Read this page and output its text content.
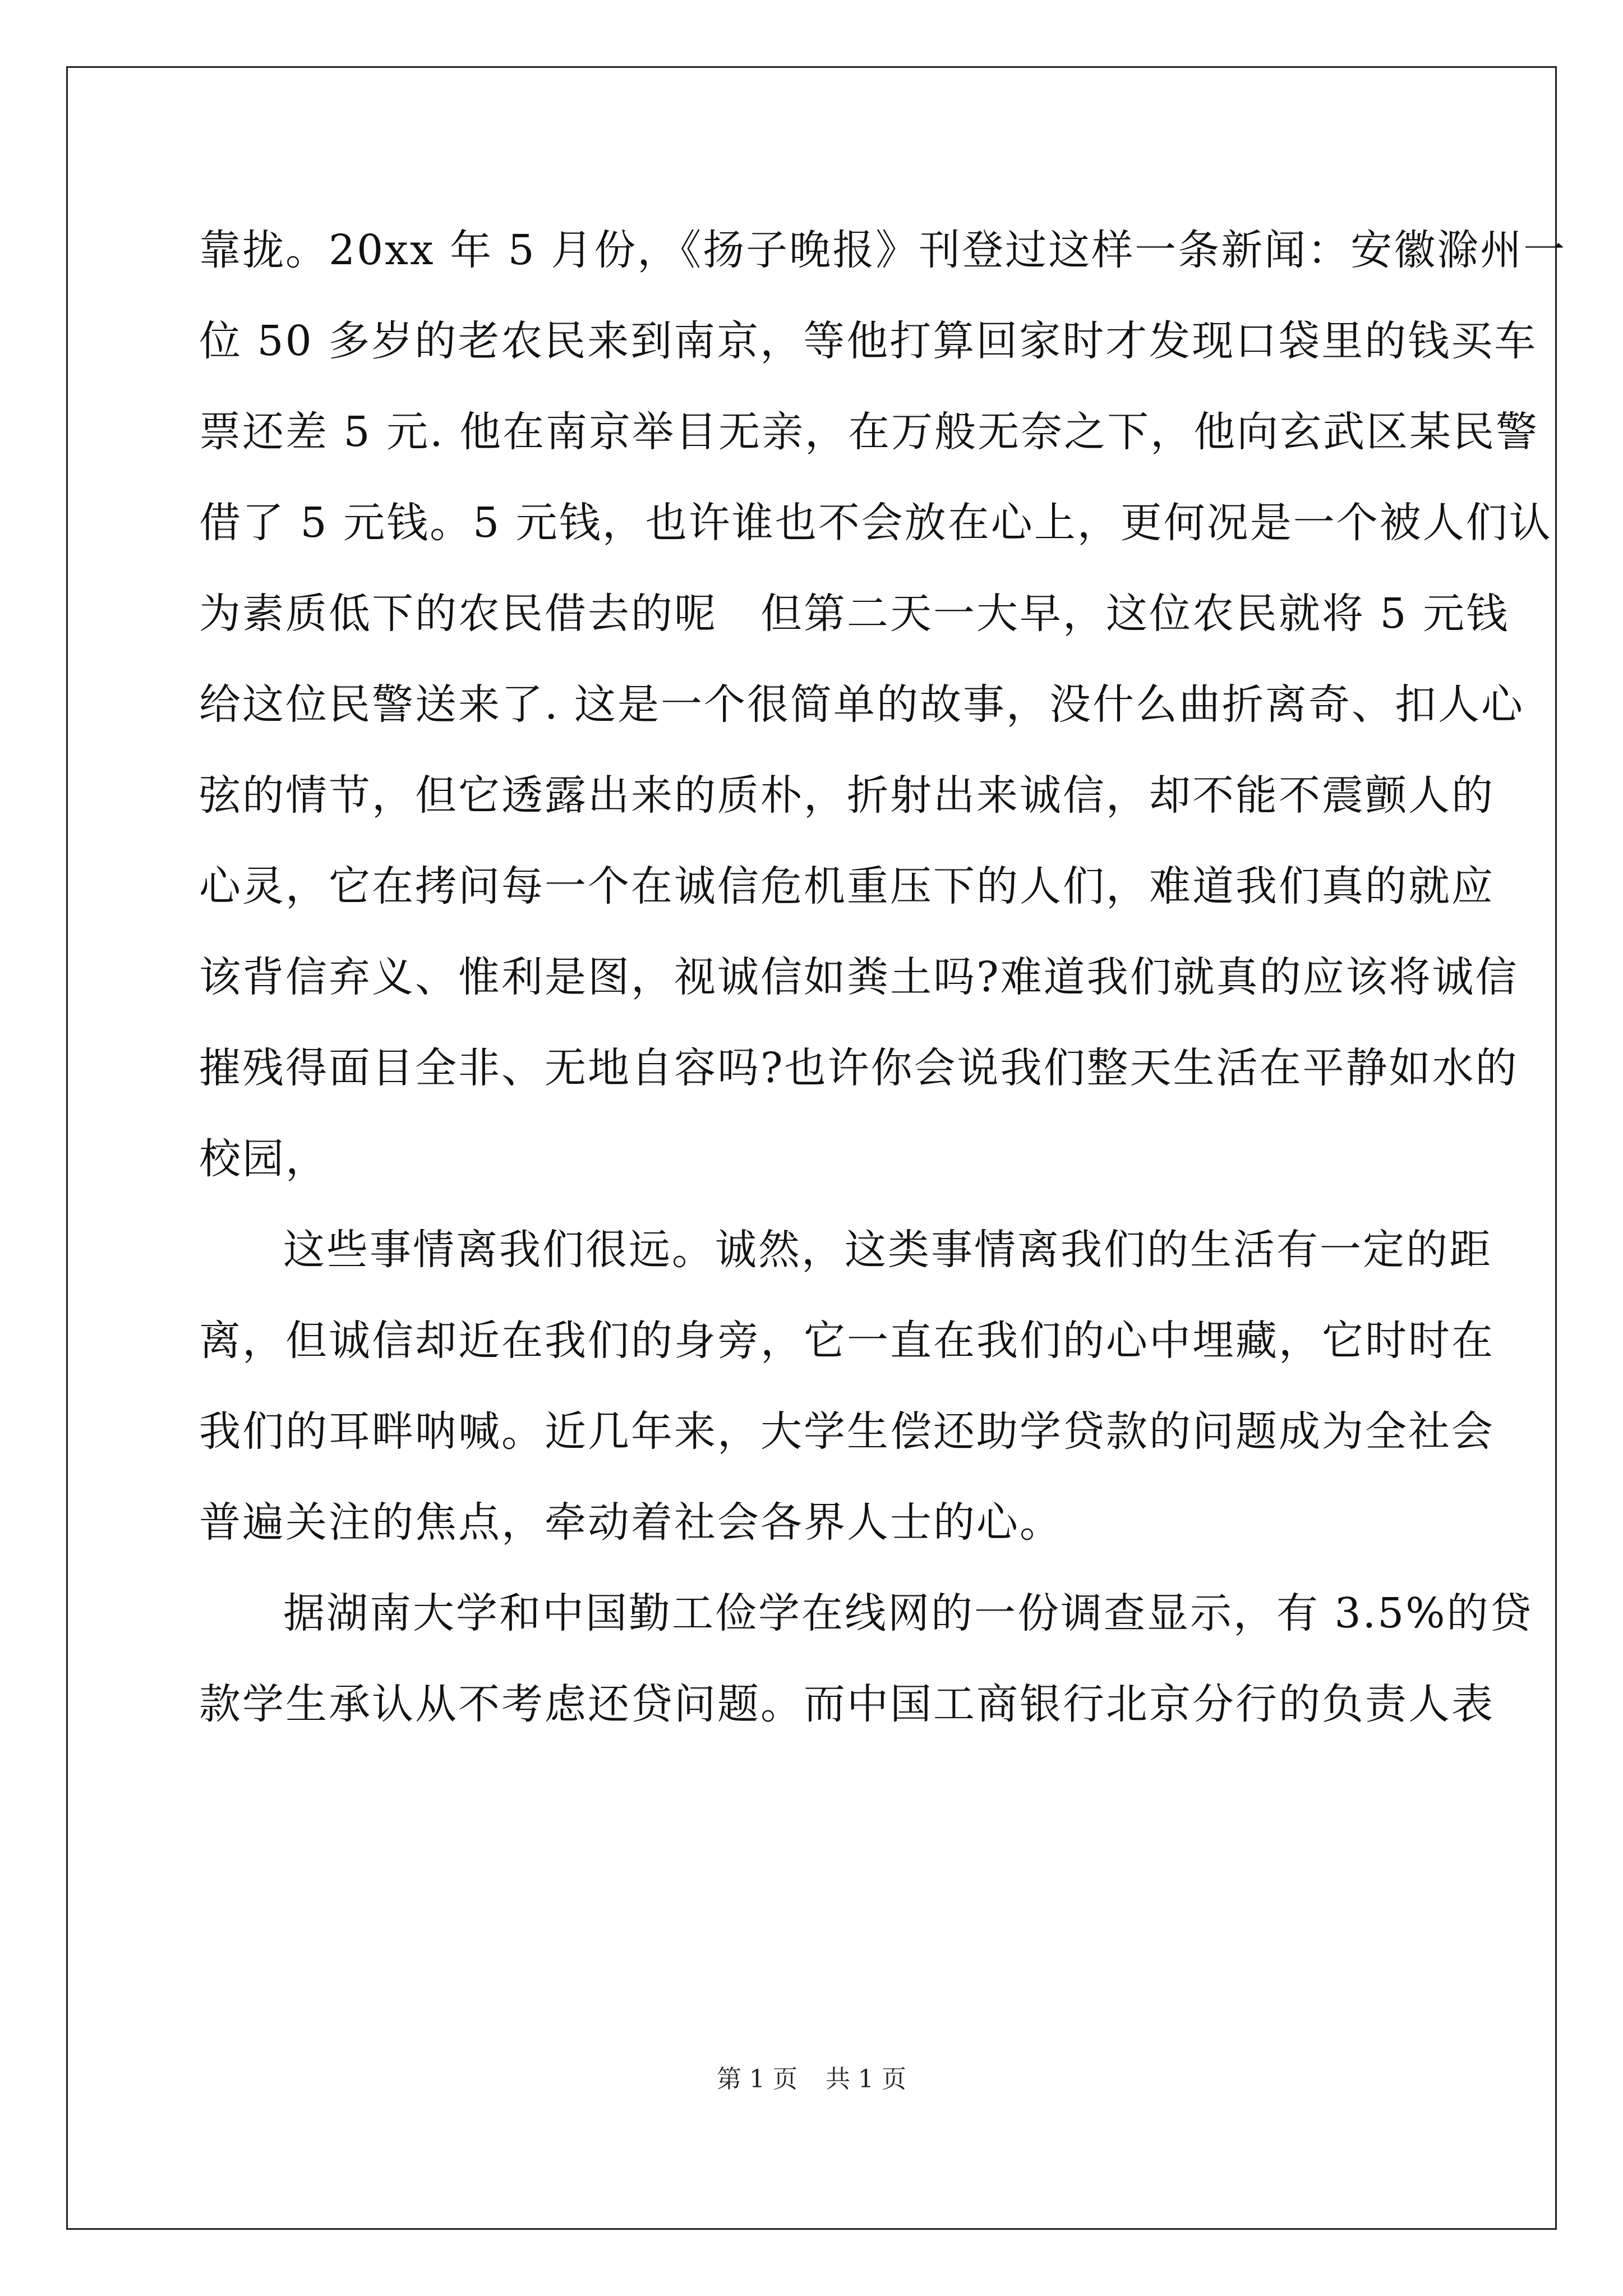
靠拢。20xx 年 5 月份，《扬子晚报》刊登过这样一条新闻：安徽滁州一
位 50 多岁的老农民来到南京，等他打算回家时才发现口袋里的钱买车
票还差 5 元. 他在南京举目无亲，在万般无奈之下，他向玄武区某民警
借了 5 元钱。5 元钱，也许谁也不会放在心上，更何况是一个被人们认
为素质低下的农民借去的呢　但第二天一大早，这位农民就将 5 元钱
给这位民警送来了. 这是一个很简单的故事，没什么曲折离奇、扣人心
弦的情节，但它透露出来的质朴，折射出来诚信，却不能不震颤人的
心灵，它在拷问每一个在诚信危机重压下的人们，难道我们真的就应
该背信弃义、惟利是图，视诚信如粪土吗?难道我们就真的应该将诚信
摧残得面目全非、无地自容吗?也许你会说我们整天生活在平静如水的
校园，
这些事情离我们很远。诚然，这类事情离我们的生活有一定的距
离，但诚信却近在我们的身旁，它一直在我们的心中埋藏，它时时在
我们的耳畔呐喊。近几年来，大学生偿还助学贷款的问题成为全社会
普遍关注的焦点，牵动着社会各界人士的心。
据湖南大学和中国勤工俭学在线网的一份调查显示，有 3.5%的贷
款学生承认从不考虑还贷问题。而中国工商银行北京分行的负责人表
第 1 页 共 1 页
